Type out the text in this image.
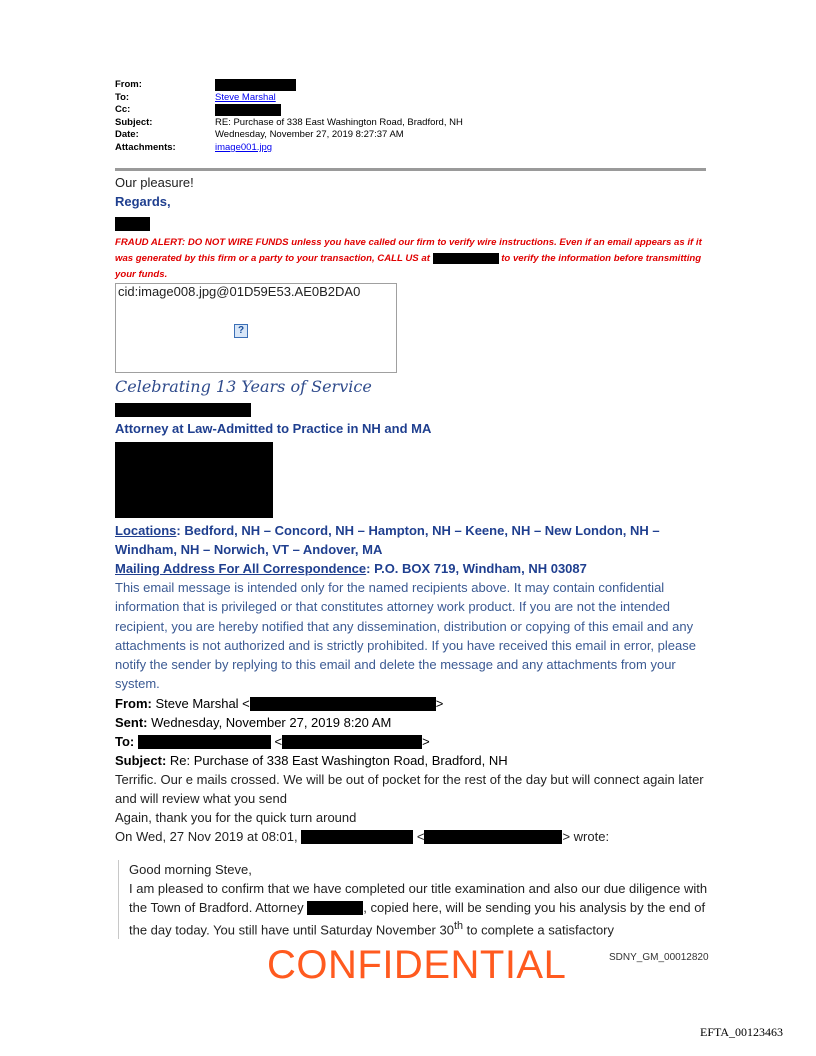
From:
To:	Steve Marshal
Cc:
Subject:	RE: Purchase of 338 East Washington Road, Bradford, NH
Date:	Wednesday, November 27, 2019 8:27:37 AM
Attachments:	image001.jpg

Our pleasure!

Regards,

FRAUD ALERT: DO NOT WIRE FUNDS unless you have called our firm to verify wire instructions. Even if an email appears as if it was generated by this firm or a party to your transaction, CALL US at	to verify the information before transmitting your funds.

cid:image008.jpg@01D59E53.AE0B2DA0
?
Celebrating 13 Years of Service
Attorney at Law-Admitted to Practice in NH and MA
Locations: Bedford, NH – Concord, NH – Hampton, NH – Keene, NH – New London, NH – Windham, NH – Norwich, VT – Andover, MA
Mailing Address For All Correspondence: P.O. BOX 719, Windham, NH 03087
This email message is intended only for the named recipients above. It may contain confidential information that is privileged or that constitutes attorney work product. If you are not the intended recipient, you are hereby notified that any dissemination, distribution or copying of this email and any attachments is not authorized and is strictly prohibited. If you have received this email in error, please notify the sender by replying to this email and delete the message and any attachments from your system.
From: Steve Marshal <	>
Sent: Wednesday, November 27, 2019 8:20 AM
To:	<	>
Subject: Re: Purchase of 338 East Washington Road, Bradford, NH
Terrific. Our e mails crossed. We will be out of pocket for the rest of the day but will connect again later and will review what you send
Again, thank you for the quick turn around
On Wed, 27 Nov 2019 at 08:01,	<	> wrote:
Good morning Steve,
I am pleased to confirm that we have completed our title examination and also our due diligence with the Town of Bradford. Attorney	, copied here, will be sending you his analysis by the end of the day today. You still have until Saturday November 30th to complete a satisfactory
CONFIDENTIAL	SDNY_GM_00012820
EFTA_00123463
